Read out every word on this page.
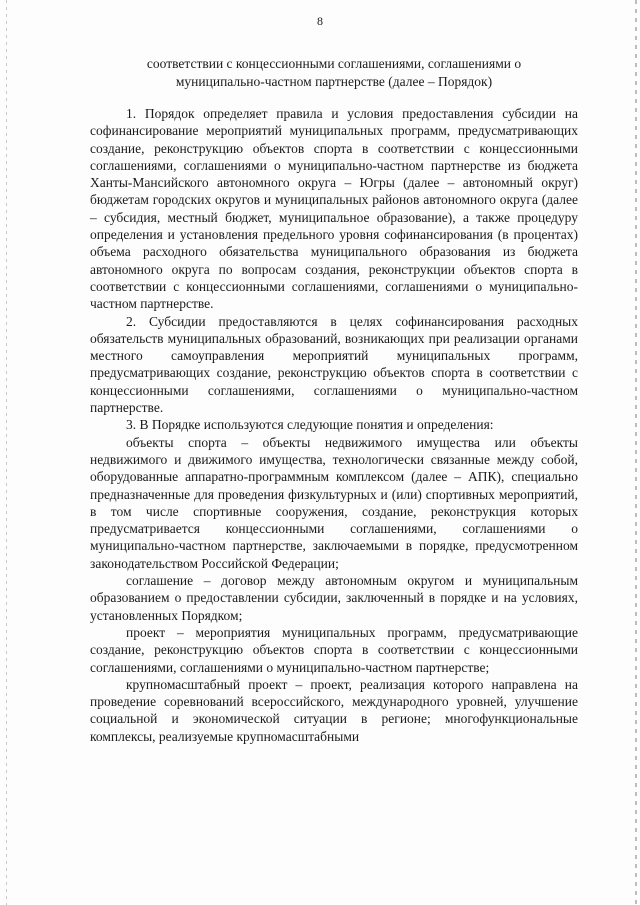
8
соответствии с концессионными соглашениями, соглашениями о
муниципально-частном партнерстве (далее – Порядок)

1. Порядок определяет правила и условия предоставления субсидии на софинансирование мероприятий муниципальных программ, предусматривающих создание, реконструкцию объектов спорта в соответствии с концессионными соглашениями, соглашениями о муниципально-частном партнерстве из бюджета Ханты-Мансийского автономного округа – Югры (далее – автономный округ) бюджетам городских округов и муниципальных районов автономного округа (далее – субсидия, местный бюджет, муниципальное образование), а также процедуру определения и установления предельного уровня софинансирования (в процентах) объема расходного обязательства муниципального образования из бюджета автономного округа по вопросам создания, реконструкции объектов спорта в соответствии с концессионными соглашениями, соглашениями о муниципально-частном партнерстве.

2. Субсидии предоставляются в целях софинансирования расходных обязательств муниципальных образований, возникающих при реализации органами местного самоуправления мероприятий муниципальных программ, предусматривающих создание, реконструкцию объектов спорта в соответствии с концессионными соглашениями, соглашениями о муниципально-частном партнерстве.

3. В Порядке используются следующие понятия и определения:

объекты спорта – объекты недвижимого имущества или объекты недвижимого и движимого имущества, технологически связанные между собой, оборудованные аппаратно-программным комплексом (далее – АПК), специально предназначенные для проведения физкультурных и (или) спортивных мероприятий, в том числе спортивные сооружения, создание, реконструкция которых предусматривается концессионными соглашениями, соглашениями о муниципально-частном партнерстве, заключаемыми в порядке, предусмотренном законодательством Российской Федерации;

соглашение – договор между автономным округом и муниципальным образованием о предоставлении субсидии, заключенный в порядке и на условиях, установленных Порядком;

проект – мероприятия муниципальных программ, предусматривающие создание, реконструкцию объектов спорта в соответствии с концессионными соглашениями, соглашениями о муниципально-частном партнерстве;

крупномасштабный проект – проект, реализация которого направлена на проведение соревнований всероссийского, международного уровней, улучшение социальной и экономической ситуации в регионе; многофункциональные комплексы, реализуемые крупномасштабными
